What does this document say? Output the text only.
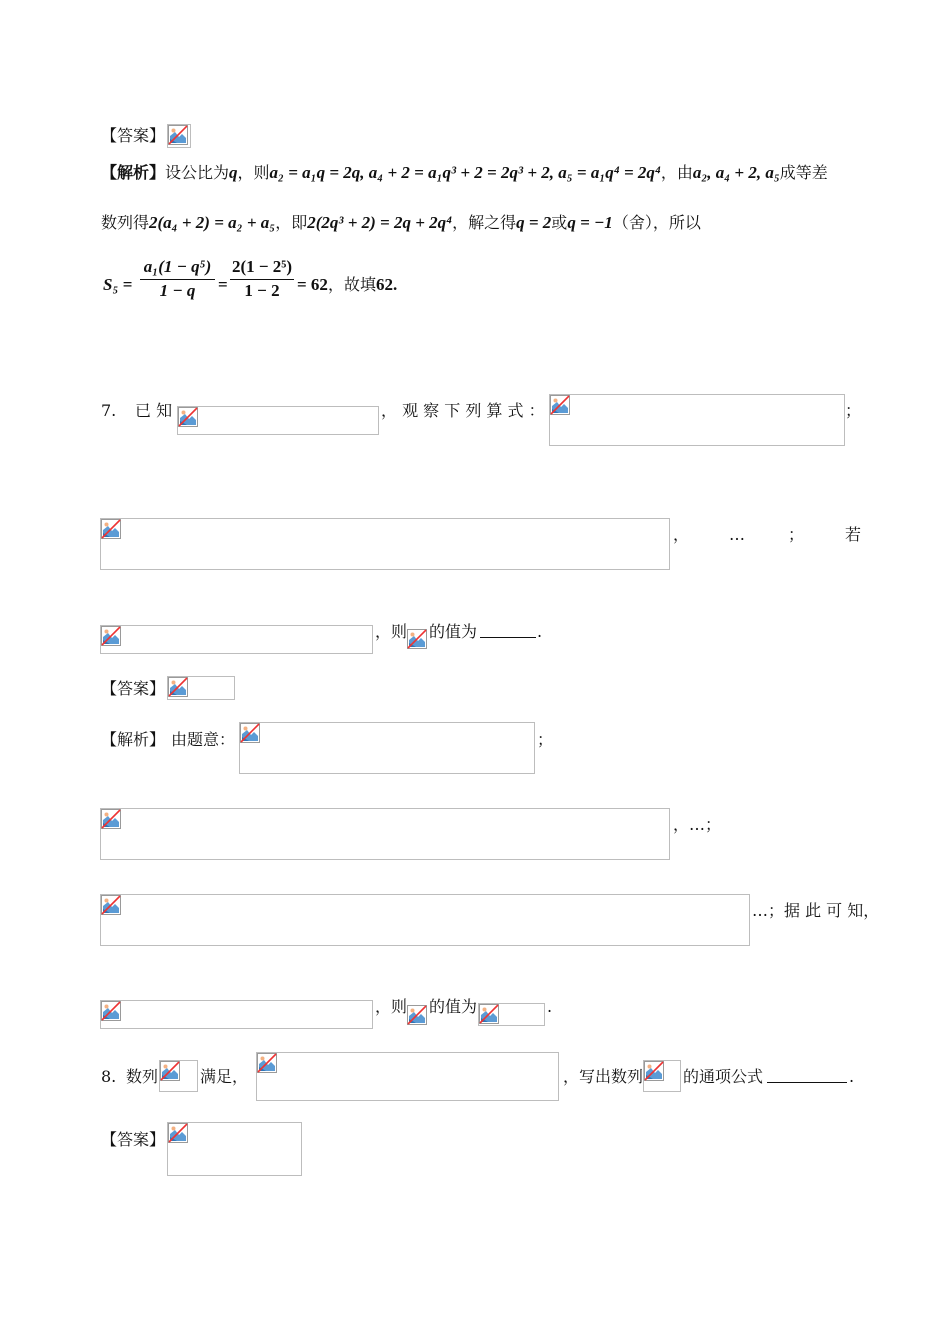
【答案】
【解析】设公比为q，则a₂ = a₁q = 2q, a₄ + 2 = a₁q³ + 2 = 2q³ + 2, a₅ = a₁q⁴ = 2q⁴，由a₂, a₄ + 2, a₅成等差
数列得2(a₄ + 2) = a₂ + a₅，即2(2q³ + 2) = 2q + 2q⁴，解之得q = 2或q = −1（舍），所以
S₅ =
a₁(1 − q⁵)
1 − q	=
2(1 − 2⁵)
1 − 2	= 62，故填62.
7. 已 知	， 观 察 下 列 算 式 ：	；
， …	；	若
，则 的值为	.
【答案】
【解析】 由题意：	；
，…；
…；据 此 可 知，
，则 的值为	.
8. 数列	满足，	，写出数列 的通项公式	.
【答案】
